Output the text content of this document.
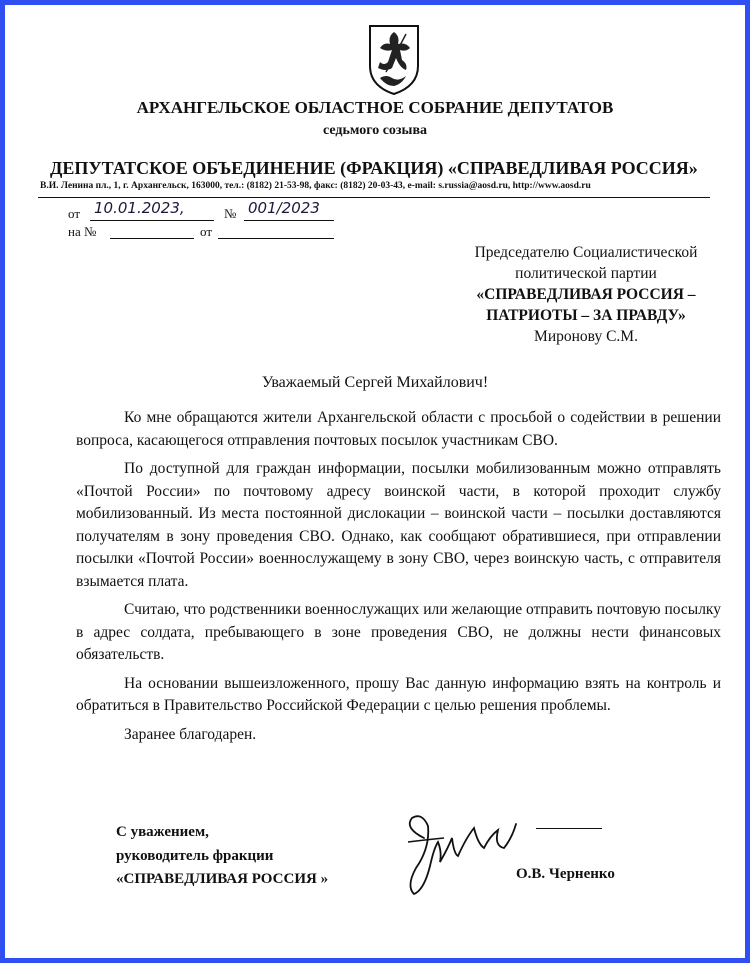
АРХАНГЕЛЬСКОЕ ОБЛАСТНОЕ СОБРАНИЕ ДЕПУТАТОВ
седьмого созыва
ДЕПУТАТСКОЕ ОБЪЕДИНЕНИЕ (ФРАКЦИЯ) «СПРАВЕДЛИВАЯ РОССИЯ»
В.И. Ленина пл., 1, г. Архангельск, 163000, тел.: (8182) 21-53-98, факс: (8182) 20-03-43, e-mail: s.russia@aosd.ru, http://www.aosd.ru
от 10.01.2023,	№ 001/2023
на №	от
Председателю Социалистической
политической партии
«СПРАВЕДЛИВАЯ РОССИЯ –
ПАТРИОТЫ – ЗА ПРАВДУ»
Миронову С.М.
Уважаемый Сергей Михайлович!

Ко мне обращаются жители Архангельской области с просьбой о содействии в решении вопроса, касающегося отправления почтовых посылок участникам СВО.

По доступной для граждан информации, посылки мобилизованным можно отправлять «Почтой России» по почтовому адресу воинской части, в которой проходит службу мобилизованный. Из места постоянной дислокации – воинской части – посылки доставляются получателям в зону проведения СВО. Однако, как сообщают обратившиеся, при отправлении посылки «Почтой России» военнослужащему в зону СВО, через воинскую часть, с отправителя взымается плата.

Считаю, что родственники военнослужащих или желающие отправить почтовую посылку в адрес солдата, пребывающего в зоне проведения СВО, не должны нести финансовых обязательств.

На основании вышеизложенного, прошу Вас данную информацию взять на контроль и обратиться в Правительство Российской Федерации с целью решения проблемы.

Заранее благодарен.

С уважением,
руководитель фракции
«СПРАВЕДЛИВАЯ РОССИЯ »	О.В. Черненко
